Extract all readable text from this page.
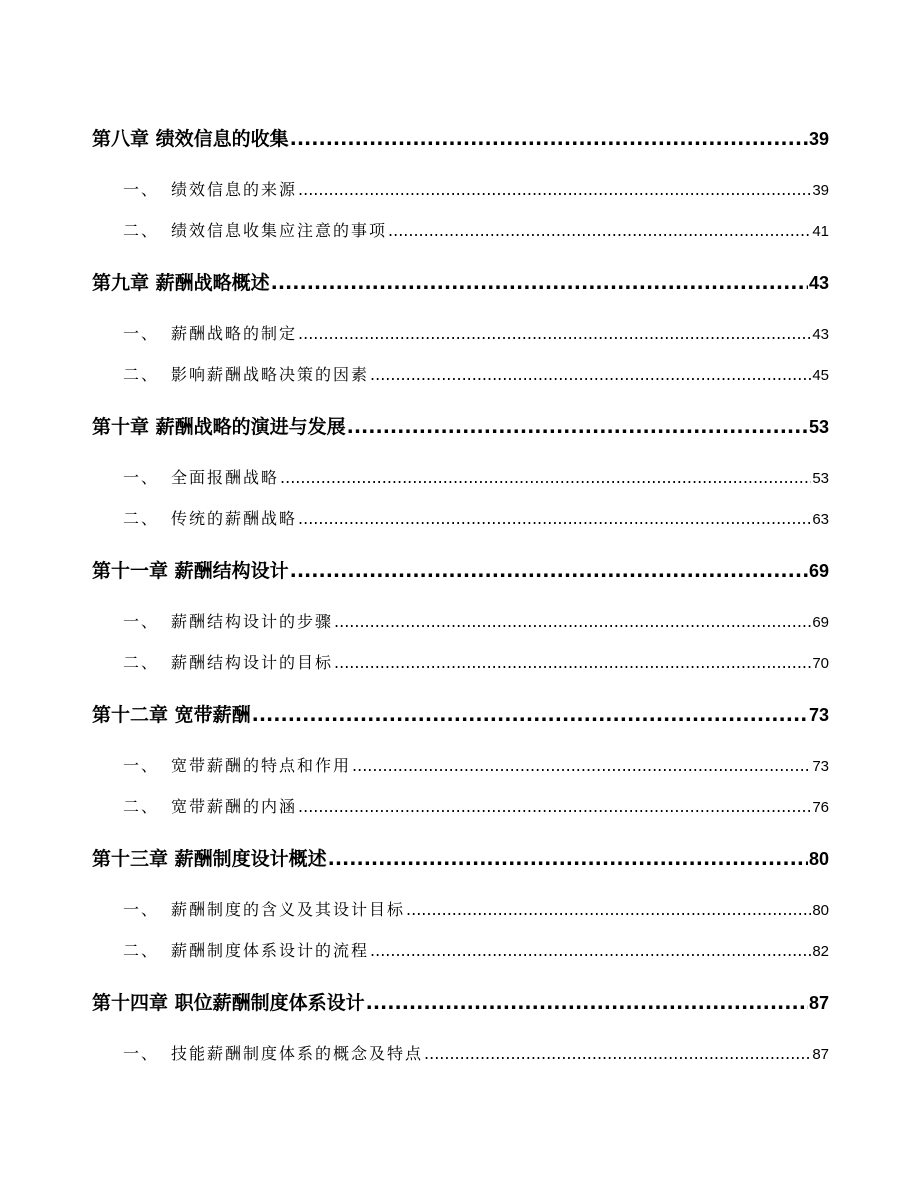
第八章 绩效信息的收集 .....	39
一、 绩效信息的来源 .....	39
二、 绩效信息收集应注意的事项 .....	41
第九章 薪酬战略概述 .....	43
一、 薪酬战略的制定 .....	43
二、 影响薪酬战略决策的因素 .....	45
第十章 薪酬战略的演进与发展 .....	53
一、 全面报酬战略 .....	53
二、 传统的薪酬战略 .....	63
第十一章 薪酬结构设计 .....	69
一、 薪酬结构设计的步骤 .....	69
二、 薪酬结构设计的目标 .....	70
第十二章 宽带薪酬 .....	73
一、 宽带薪酬的特点和作用 .....	73
二、 宽带薪酬的内涵 .....	76
第十三章 薪酬制度设计概述 .....	80
一、 薪酬制度的含义及其设计目标 .....	80
二、 薪酬制度体系设计的流程 .....	82
第十四章 职位薪酬制度体系设计 .....	87
一、 技能薪酬制度体系的概念及特点 .....	87
